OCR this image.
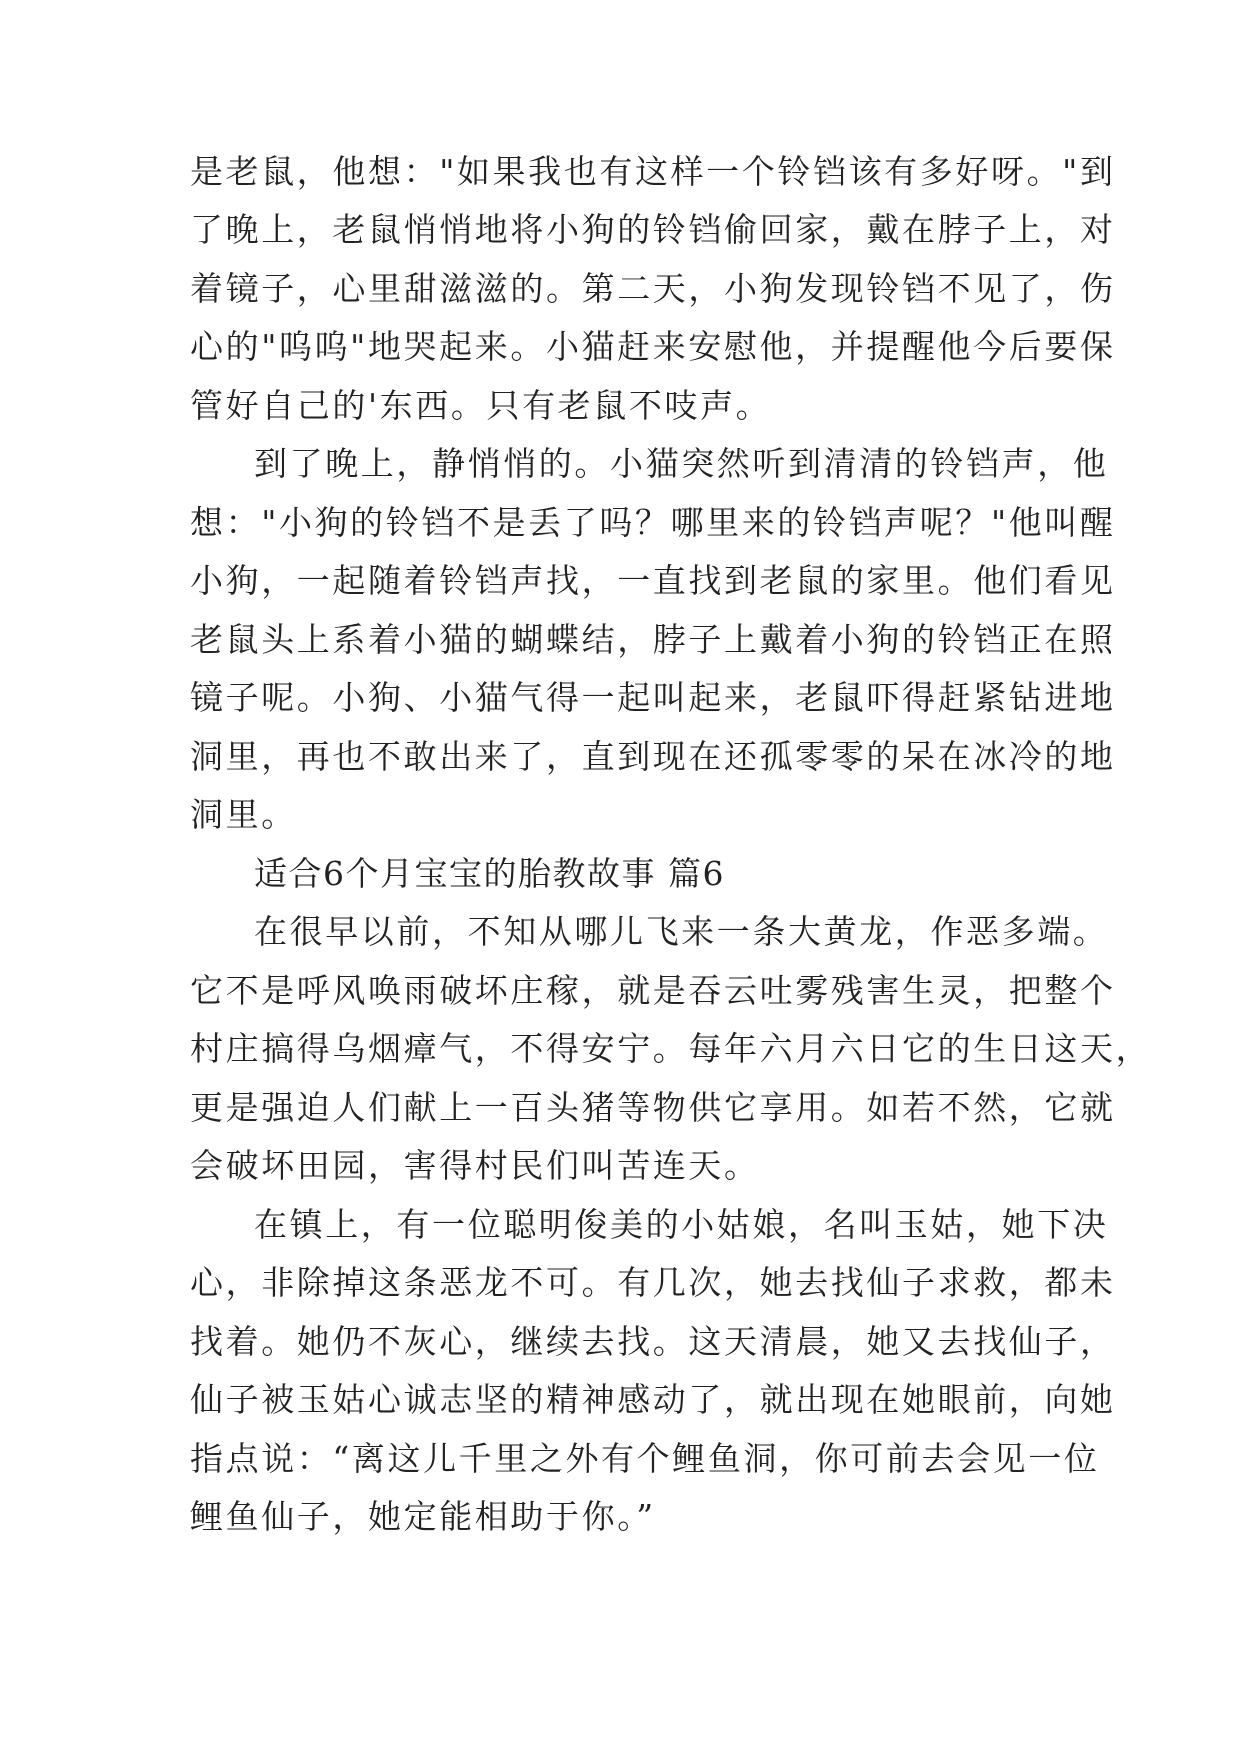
是老鼠，他想："如果我也有这样一个铃铛该有多好呀。"到
了晚上，老鼠悄悄地将小狗的铃铛偷回家，戴在脖子上，对
着镜子，心里甜滋滋的。第二天，小狗发现铃铛不见了，伤
心的"呜呜"地哭起来。小猫赶来安慰他，并提醒他今后要保
管好自己的'东西。只有老鼠不吱声。
到了晚上，静悄悄的。小猫突然听到清清的铃铛声，他
想："小狗的铃铛不是丢了吗？哪里来的铃铛声呢？"他叫醒
小狗，一起随着铃铛声找，一直找到老鼠的家里。他们看见
老鼠头上系着小猫的蝴蝶结，脖子上戴着小狗的铃铛正在照
镜子呢。小狗、小猫气得一起叫起来，老鼠吓得赶紧钻进地
洞里，再也不敢出来了，直到现在还孤零零的呆在冰冷的地
洞里。
适合6个月宝宝的胎教故事 篇6
在很早以前，不知从哪儿飞来一条大黄龙，作恶多端。
它不是呼风唤雨破坏庄稼，就是吞云吐雾残害生灵，把整个
村庄搞得乌烟瘴气，不得安宁。每年六月六日它的生日这天，
更是强迫人们献上一百头猪等物供它享用。如若不然，它就
会破坏田园，害得村民们叫苦连天。
在镇上，有一位聪明俊美的小姑娘，名叫玉姑，她下决
心，非除掉这条恶龙不可。有几次，她去找仙子求救，都未
找着。她仍不灰心，继续去找。这天清晨，她又去找仙子，
仙子被玉姑心诚志坚的精神感动了，就出现在她眼前，向她
指点说：“离这儿千里之外有个鲤鱼洞，你可前去会见一位
鲤鱼仙子，她定能相助于你。”
